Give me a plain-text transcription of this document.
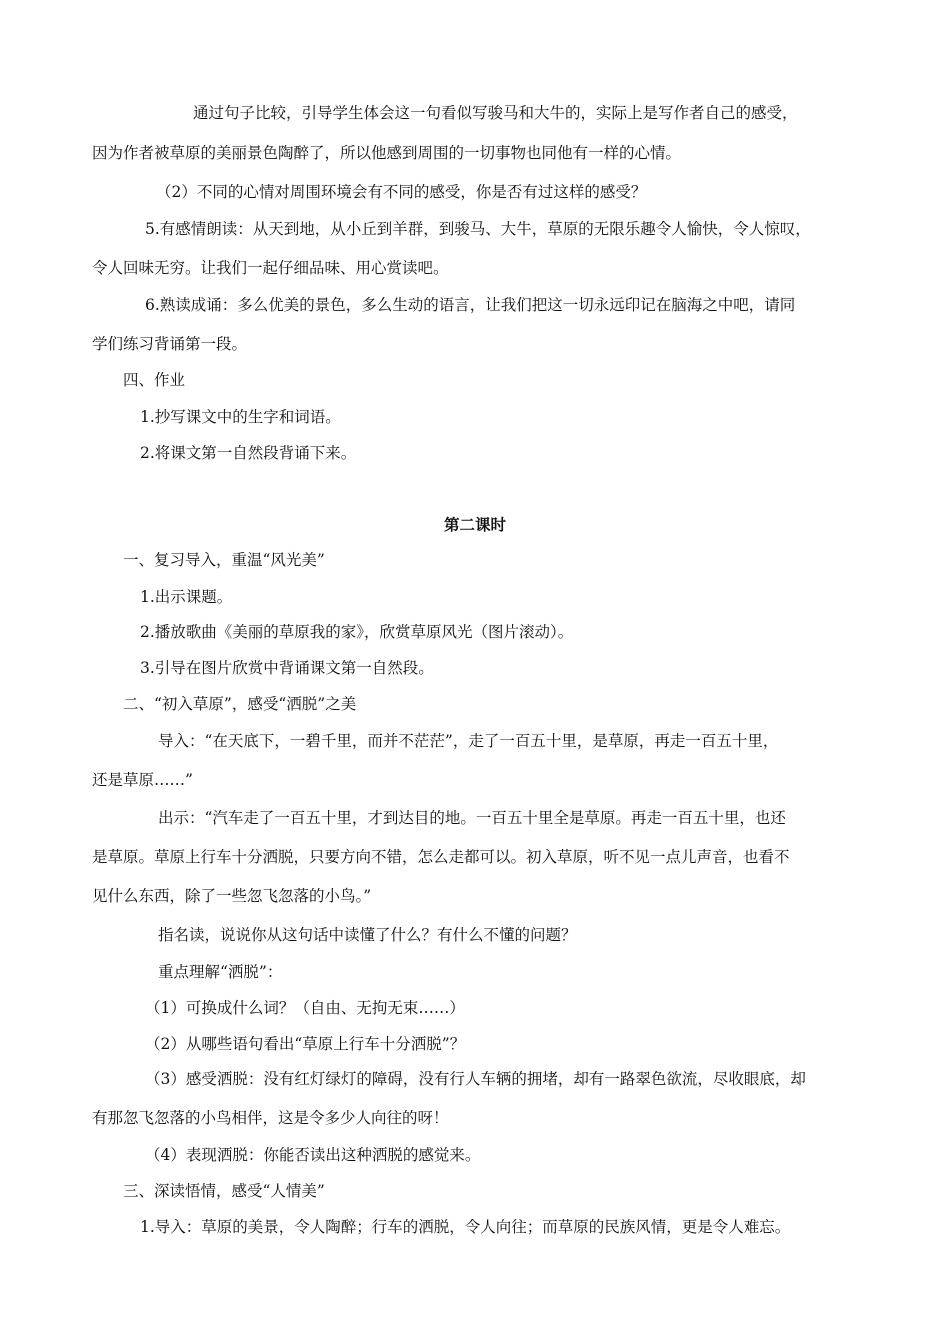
通过句子比较，引导学生体会这一句看似写骏马和大牛的，实际上是写作者自己的感受，
因为作者被草原的美丽景色陶醉了，所以他感到周围的一切事物也同他有一样的心情。
（2）不同的心情对周围环境会有不同的感受，你是否有过这样的感受？
5.有感情朗读：从天到地，从小丘到羊群，到骏马、大牛，草原的无限乐趣令人愉快，令人惊叹，
令人回味无穷。让我们一起仔细品味、用心赏读吧。
6.熟读成诵：多么优美的景色，多么生动的语言，让我们把这一切永远印记在脑海之中吧，请同
学们练习背诵第一段。
四、作业
1.抄写课文中的生字和词语。
2.将课文第一自然段背诵下来。
第二课时
一、复习导入，重温“风光美”
1.出示课题。
2.播放歌曲《美丽的草原我的家》，欣赏草原风光（图片滚动）。
3.引导在图片欣赏中背诵课文第一自然段。
二、“初入草原”，感受“洒脱”之美
导入：“在天底下，一碧千里，而并不茫茫”，走了一百五十里，是草原，再走一百五十里，
还是草原……”
出示：“汽车走了一百五十里，才到达目的地。一百五十里全是草原。再走一百五十里，也还
是草原。草原上行车十分洒脱，只要方向不错，怎么走都可以。初入草原，听不见一点儿声音，也看不
见什么东西，除了一些忽飞忽落的小鸟。”
指名读，说说你从这句话中读懂了什么？有什么不懂的问题？
重点理解“洒脱”：
（1）可换成什么词？（自由、无拘无束……）
（2）从哪些语句看出“草原上行车十分洒脱”？
（3）感受洒脱：没有红灯绿灯的障碍，没有行人车辆的拥堵，却有一路翠色欲流，尽收眼底，却
有那忽飞忽落的小鸟相伴，这是令多少人向往的呀！
（4）表现洒脱：你能否读出这种洒脱的感觉来。
三、深读悟情，感受“人情美”
1.导入：草原的美景，令人陶醉；行车的洒脱，令人向往；而草原的民族风情，更是令人难忘。
